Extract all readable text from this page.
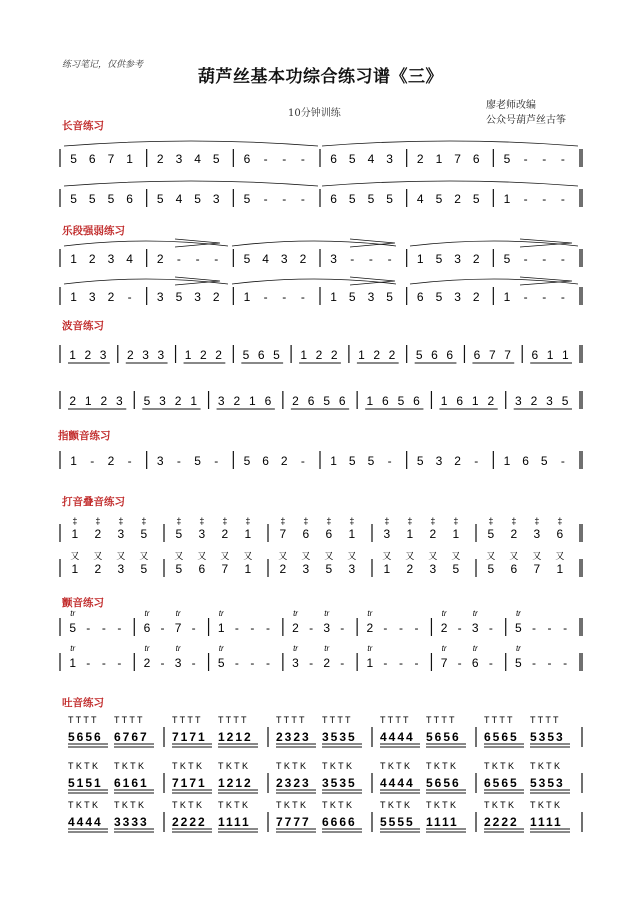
练习笔记，仅供参考
葫芦丝基本功综合练习谱《三》
10分钟训练
廖老师改编
公众号葫芦丝古筝
长音练习
乐段强弱练习
波音练习
指颤音练习
打音叠音练习
颤音练习
吐音练习
5 6 7 1 2 3 4 5 6 - - - 6 5 4 3 2 1 7 6 5 - - -
5 5 5 6 5 4 5 3 5 - - - 6 5 5 5 4 5 2 5 1 - - -
1 2 3 4 2 - - - 5 4 3 2 3 - - - 1 5 3 2 5 - - -
1 3 2 - 3 5 3 2 1 - - - 1 5 3 5 6 5 3 2 1 - - -
1 2 3 2 3 3 1 2 2 5 6 5 1 2 2 1 2 2 5 6 6 6 7 7 6 1 1
2 1 2 3 5 3 2 1 3 2 1 6 2 6 5 6 1 6 5 6 1 6 1 2 3 2 3 5
1 - 2 - 3 - 5 - 5 6 2 - 1 5 5 - 5 3 2 - 1 6 5 -
1
‡
2
‡
3
‡
5
‡
5
‡
3
‡
2
‡
1
‡
7
‡
6
‡
6
‡
1
‡
3
‡
1
‡
2
‡
1
‡
5
‡
2
‡
3
‡
6
‡
1
又
2
又
3
又
5
又
5
又
6
又
7
又
1
又
2
又
3
又
5
又
3
又
1
又
2
又
3
又
5
又
5
又
6
又
7
又
1
又
5
tr
- - - 6
tr
- 7
tr
- 1
tr
- - - 2
tr
- 3
tr
- 2
tr
- - - 2
tr
- 3
tr
- 5
tr
- - -
1
tr
- - - 2
tr
- 3
tr
- 5
tr
- - - 3
tr
- 2
tr
- 1
tr
- - - 7
tr
- 6
tr
- 5
tr
- - -
T T T T
5656
T T T T
6767
T T T T
7171
T T T T
1212
T T T T
2323
T T T T
3535
T T T T
4444
T T T T
5656
T T T T
6565
T T T T
5353
T K T K
5151
T K T K
6161
T K T K
7171
T K T K
1212
T K T K
2323
T K T K
3535
T K T K
4444
T K T K
5656
T K T K
6565
T K T K
5353
T K T K
4444
T K T K
3333
T K T K
2222
T K T K
1111
T K T K
7777
T K T K
6666
T K T K
5555
T K T K
1111
T K T K
2222
T K T K
1111
